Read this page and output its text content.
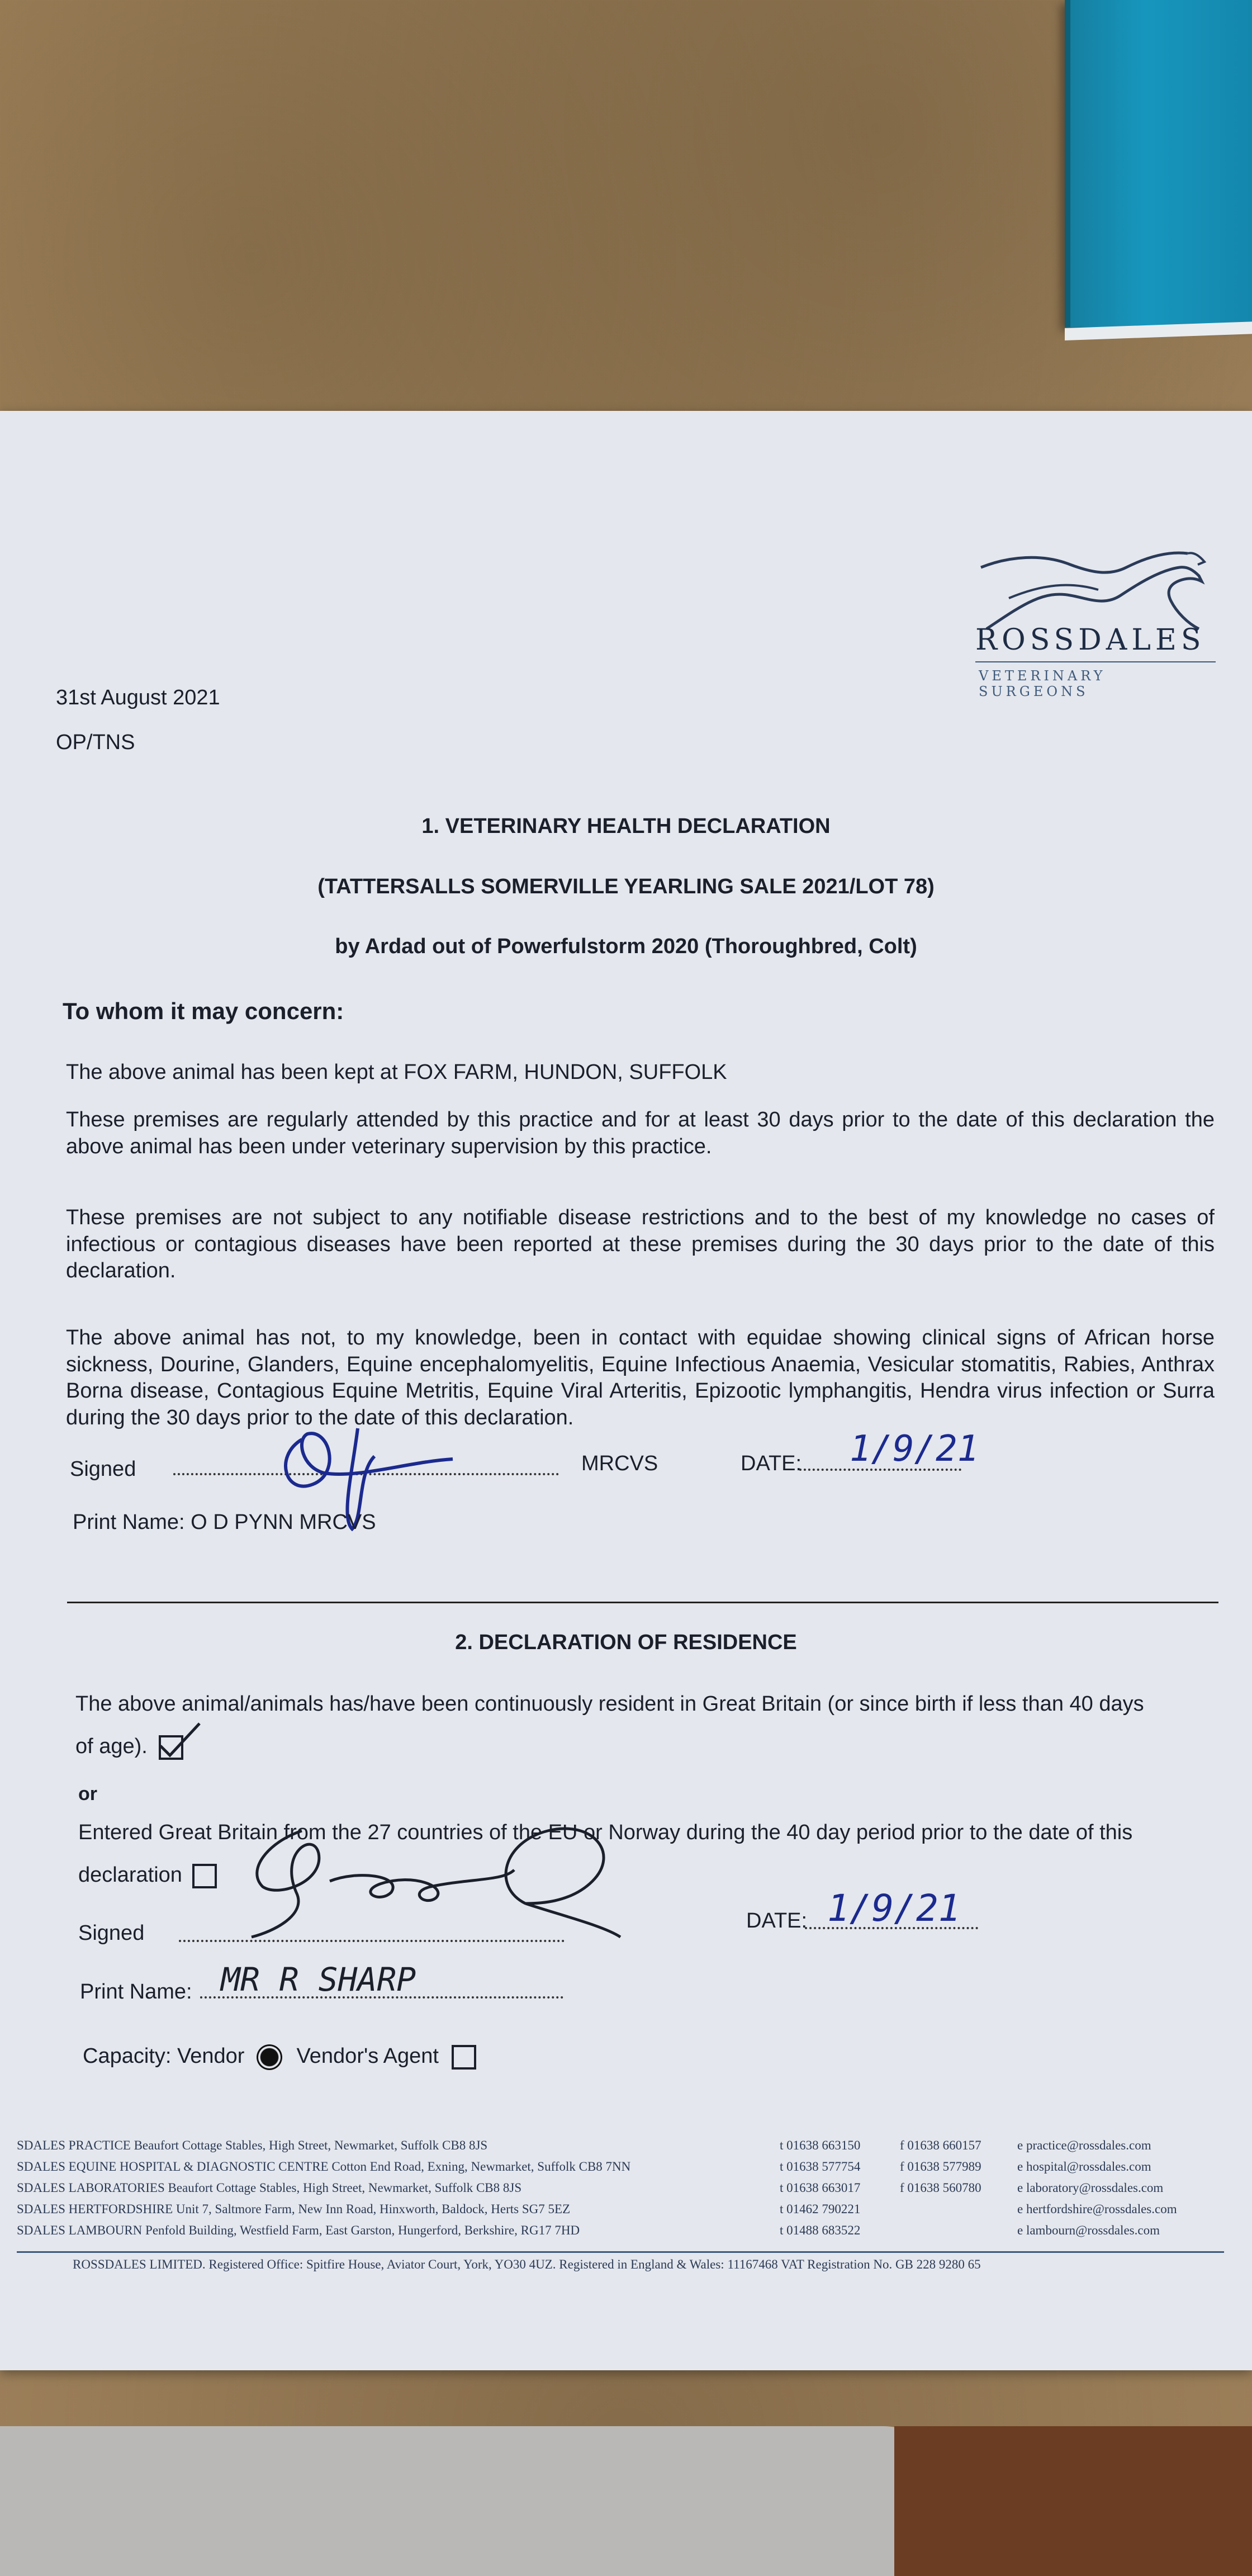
ROSSDALES
VETERINARY SURGEONS
31st August 2021
OP/TNS
1. VETERINARY HEALTH DECLARATION
(TATTERSALLS SOMERVILLE YEARLING SALE 2021/LOT 78)
by Ardad out of Powerfulstorm 2020 (Thoroughbred, Colt)
To whom it may concern:
The above animal has been kept at FOX FARM, HUNDON, SUFFOLK
These premises are regularly attended by this practice and for at least 30 days prior to the date of this declaration the above animal has been under veterinary supervision by this practice.
These premises are not subject to any notifiable disease restrictions and to the best of my knowledge no cases of infectious or contagious diseases have been reported at these premises during the 30 days prior to the date of this declaration.
The above animal has not, to my knowledge, been in contact with equidae showing clinical signs of African horse sickness, Dourine, Glanders, Equine encephalomyelitis, Equine Infectious Anaemia, Vesicular stomatitis, Rabies, Anthrax Borna disease, Contagious Equine Metritis, Equine Viral Arteritis, Epizootic lymphangitis, Hendra virus infection or Surra during the 30 days prior to the date of this declaration.
Signed	MRCVS	DATE: 1/9/21
Print Name: O D PYNN MRCVS
2. DECLARATION OF RESIDENCE
The above animal/animals has/have been continuously resident in Great Britain (or since birth if less than 40 days of age).
or
Entered Great Britain from the 27 countries of the EU or Norway during the 40 day period prior to the date of this declaration
Signed
DATE: 1/9/21
Print Name: MR R SHARP
Capacity: Vendor Vendor's Agent
SDALES PRACTICE Beaufort Cottage Stables, High Street, Newmarket, Suffolk CB8 8JS	t 01638 663150	f 01638 660157	e practice@rossdales.com
SDALES EQUINE HOSPITAL & DIAGNOSTIC CENTRE Cotton End Road, Exning, Newmarket, Suffolk CB8 7NN	t 01638 577754	f 01638 577989	e hospital@rossdales.com
SDALES LABORATORIES Beaufort Cottage Stables, High Street, Newmarket, Suffolk CB8 8JS	t 01638 663017	f 01638 560780	e laboratory@rossdales.com
SDALES HERTFORDSHIRE Unit 7, Saltmore Farm, New Inn Road, Hinxworth, Baldock, Herts SG7 5EZ	t 01462 790221	e hertfordshire@rossdales.com
SDALES LAMBOURN Penfold Building, Westfield Farm, East Garston, Hungerford, Berkshire, RG17 7HD	t 01488 683522	e lambourn@rossdales.com
ROSSDALES LIMITED. Registered Office: Spitfire House, Aviator Court, York, YO30 4UZ. Registered in England & Wales: 11167468 VAT Registration No. GB 228 9280 65
